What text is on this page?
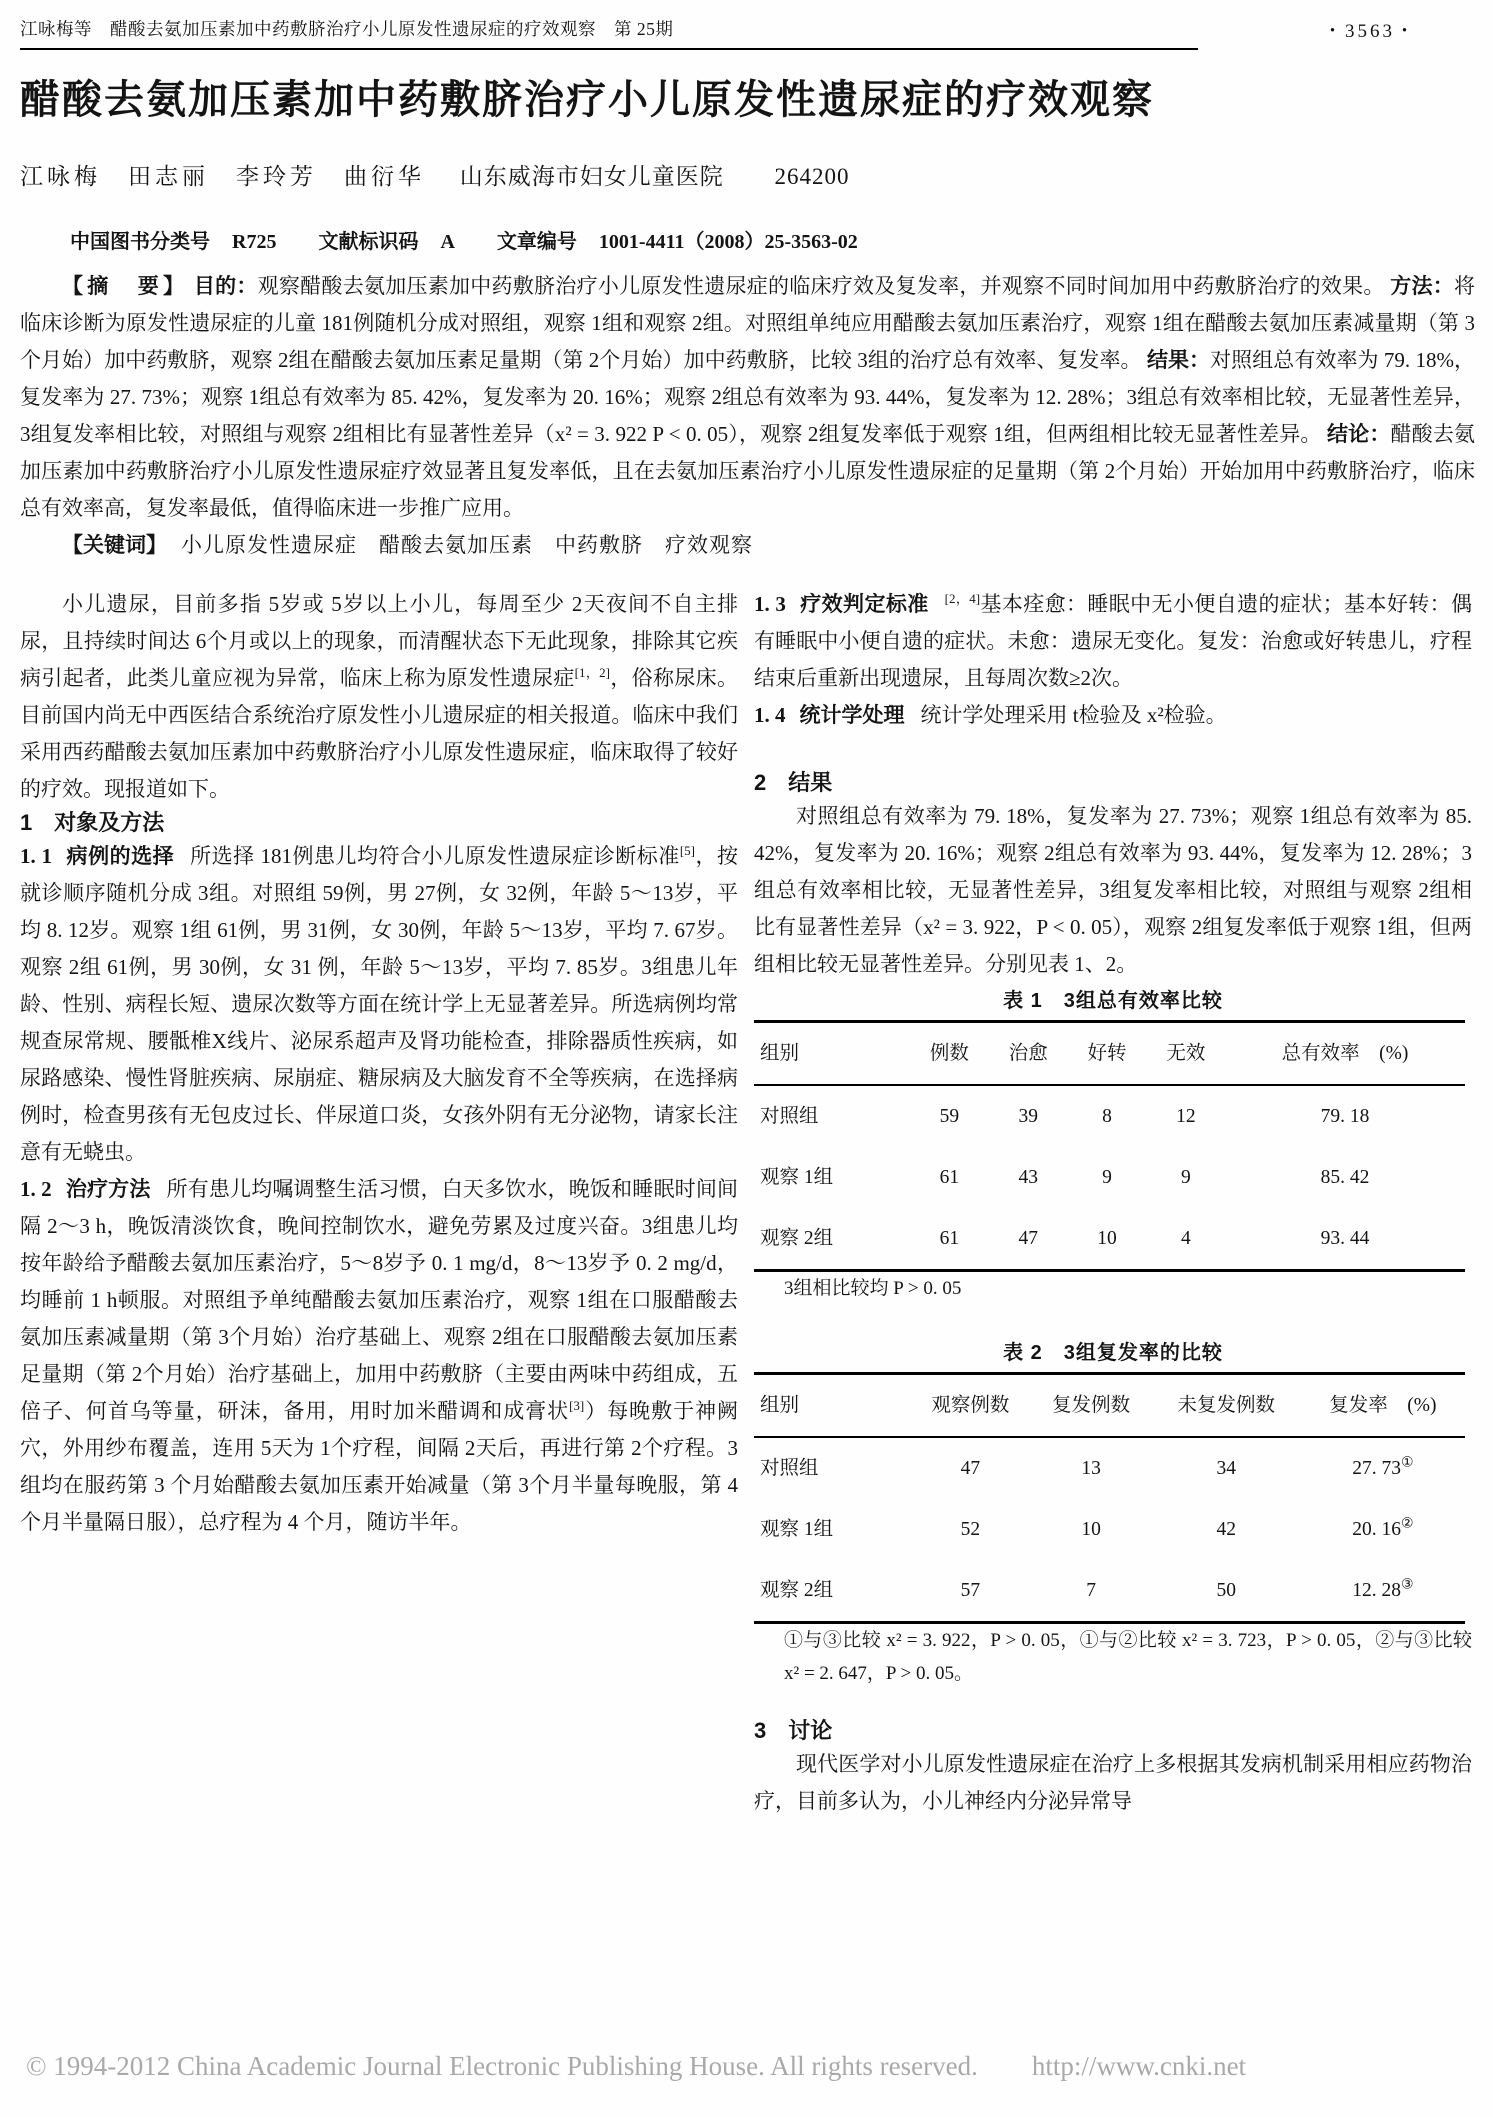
江咏梅等　醋酸去氨加压素加中药敷脐治疗小儿原发性遗尿症的疗效观察　第 25期	・3563・
醋酸去氨加压素加中药敷脐治疗小儿原发性遗尿症的疗效观察
江咏梅　田志丽　李玲芳　曲衍华 山东威海市妇女儿童医院 264200
中国图书分类号 R725 文献标识码 A 文章编号 1001-4411（2008）25-3563-02

【摘　要】 目的：观察醋酸去氨加压素加中药敷脐治疗小儿原发性遗尿症的临床疗效及复发率，并观察不同时间加用中药敷脐治疗的效果。 方法：将临床诊断为原发性遗尿症的儿童 181例随机分成对照组，观察 1组和观察 2组。对照组单纯应用醋酸去氨加压素治疗，观察 1组在醋酸去氨加压素减量期（第 3个月始）加中药敷脐，观察 2组在醋酸去氨加压素足量期（第 2个月始）加中药敷脐，比较 3组的治疗总有效率、复发率。 结果：对照组总有效率为 79. 18%，复发率为 27. 73%；观察 1组总有效率为 85. 42%，复发率为 20. 16%；观察 2组总有效率为 93. 44%，复发率为 12. 28%；3组总有效率相比较，无显著性差异，3组复发率相比较，对照组与观察 2组相比有显著性差异（x² = 3. 922 P < 0. 05），观察 2组复发率低于观察 1组，但两组相比较无显著性差异。 结论：醋酸去氨加压素加中药敷脐治疗小儿原发性遗尿症疗效显著且复发率低，且在去氨加压素治疗小儿原发性遗尿症的足量期（第 2个月始）开始加用中药敷脐治疗，临床总有效率高，复发率最低，值得临床进一步推广应用。

【关键词】 小儿原发性遗尿症　醋酸去氨加压素　中药敷脐　疗效观察

小儿遗尿，目前多指 5岁或 5岁以上小儿，每周至少 2天夜间不自主排尿，且持续时间达 6个月或以上的现象，而清醒状态下无此现象，排除其它疾病引起者，此类儿童应视为异常，临床上称为原发性遗尿症[1，2]，俗称尿床。目前国内尚无中西医结合系统治疗原发性小儿遗尿症的相关报道。临床中我们采用西药醋酸去氨加压素加中药敷脐治疗小儿原发性遗尿症，临床取得了较好的疗效。现报道如下。

1　对象及方法

1. 1 病例的选择 所选择 181例患儿均符合小儿原发性遗尿症诊断标准[5]，按就诊顺序随机分成 3组。对照组 59例，男 27例，女 32例，年龄 5～13岁，平均 8. 12岁。观察 1组 61例，男 31例，女 30例，年龄 5～13岁，平均 7. 67岁。观察 2组 61例，男 30例，女 31 例，年龄 5～13岁，平均 7. 85岁。3组患儿年龄、性别、病程长短、遗尿次数等方面在统计学上无显著差异。所选病例均常规查尿常规、腰骶椎X线片、泌尿系超声及肾功能检查，排除器质性疾病，如尿路感染、慢性肾脏疾病、尿崩症、糖尿病及大脑发育不全等疾病，在选择病例时，检查男孩有无包皮过长、伴尿道口炎，女孩外阴有无分泌物，请家长注意有无蛲虫。

1. 2 治疗方法 所有患儿均嘱调整生活习惯，白天多饮水，晚饭和睡眠时间间隔 2～3 h，晚饭清淡饮食，晚间控制饮水，避免劳累及过度兴奋。3组患儿均按年龄给予醋酸去氨加压素治疗，5～8岁予 0. 1 mg/d，8～13岁予 0. 2 mg/d，均睡前 1 h顿服。对照组予单纯醋酸去氨加压素治疗，观察 1组在口服醋酸去氨加压素减量期（第 3个月始）治疗基础上、观察 2组在口服醋酸去氨加压素足量期（第 2个月始）治疗基础上，加用中药敷脐（主要由两味中药组成，五倍子、何首乌等量，研沫，备用，用时加米醋调和成膏状[3]）每晚敷于神阙穴，外用纱布覆盖，连用 5天为 1个疗程，间隔 2天后，再进行第 2个疗程。3组均在服药第 3 个月始醋酸去氨加压素开始减量（第 3个月半量每晚服，第 4个月半量隔日服），总疗程为 4 个月，随访半年。

1. 3 疗效判定标准 [2，4]基本痊愈：睡眠中无小便自遗的症状；基本好转：偶有睡眠中小便自遗的症状。未愈：遗尿无变化。复发：治愈或好转患儿，疗程结束后重新出现遗尿，且每周次数≥2次。

1. 4 统计学处理 统计学处理采用 t检验及 x²检验。

2　结果

对照组总有效率为 79. 18%，复发率为 27. 73%；观察 1组总有效率为 85. 42%，复发率为 20. 16%；观察 2组总有效率为 93. 44%，复发率为 12. 28%；3组总有效率相比较，无显著性差异，3组复发率相比较，对照组与观察 2组相比有显著性差异（x² = 3. 922，P < 0. 05），观察 2组复发率低于观察 1组，但两组相比较无显著性差异。分别见表 1、2。

表 1　3组总有效率比较

组别	例数	治愈	好转	无效	总有效率　(%)
对照组	59	39	8	12	79. 18
观察 1组	61	43	9	9	85. 42
观察 2组	61	47	10	4	93. 44

3组相比较均 P > 0. 05

表 2　3组复发率的比较

组别	观察例数	复发例数	未复发例数	复发率　(%)
对照组	47	13	34	27. 73①
观察 1组	52	10	42	20. 16②
观察 2组	57	7	50	12. 28③

①与③比较 x² = 3. 922，P > 0. 05，①与②比较 x² = 3. 723，P > 0. 05，②与③比较 x² = 2. 647，P > 0. 05。

3　讨论

现代医学对小儿原发性遗尿症在治疗上多根据其发病机制采用相应药物治疗，目前多认为，小儿神经内分泌异常导

© 1994-2012 China Academic Journal Electronic Publishing House. All rights reserved.　　http://www.cnki.net
